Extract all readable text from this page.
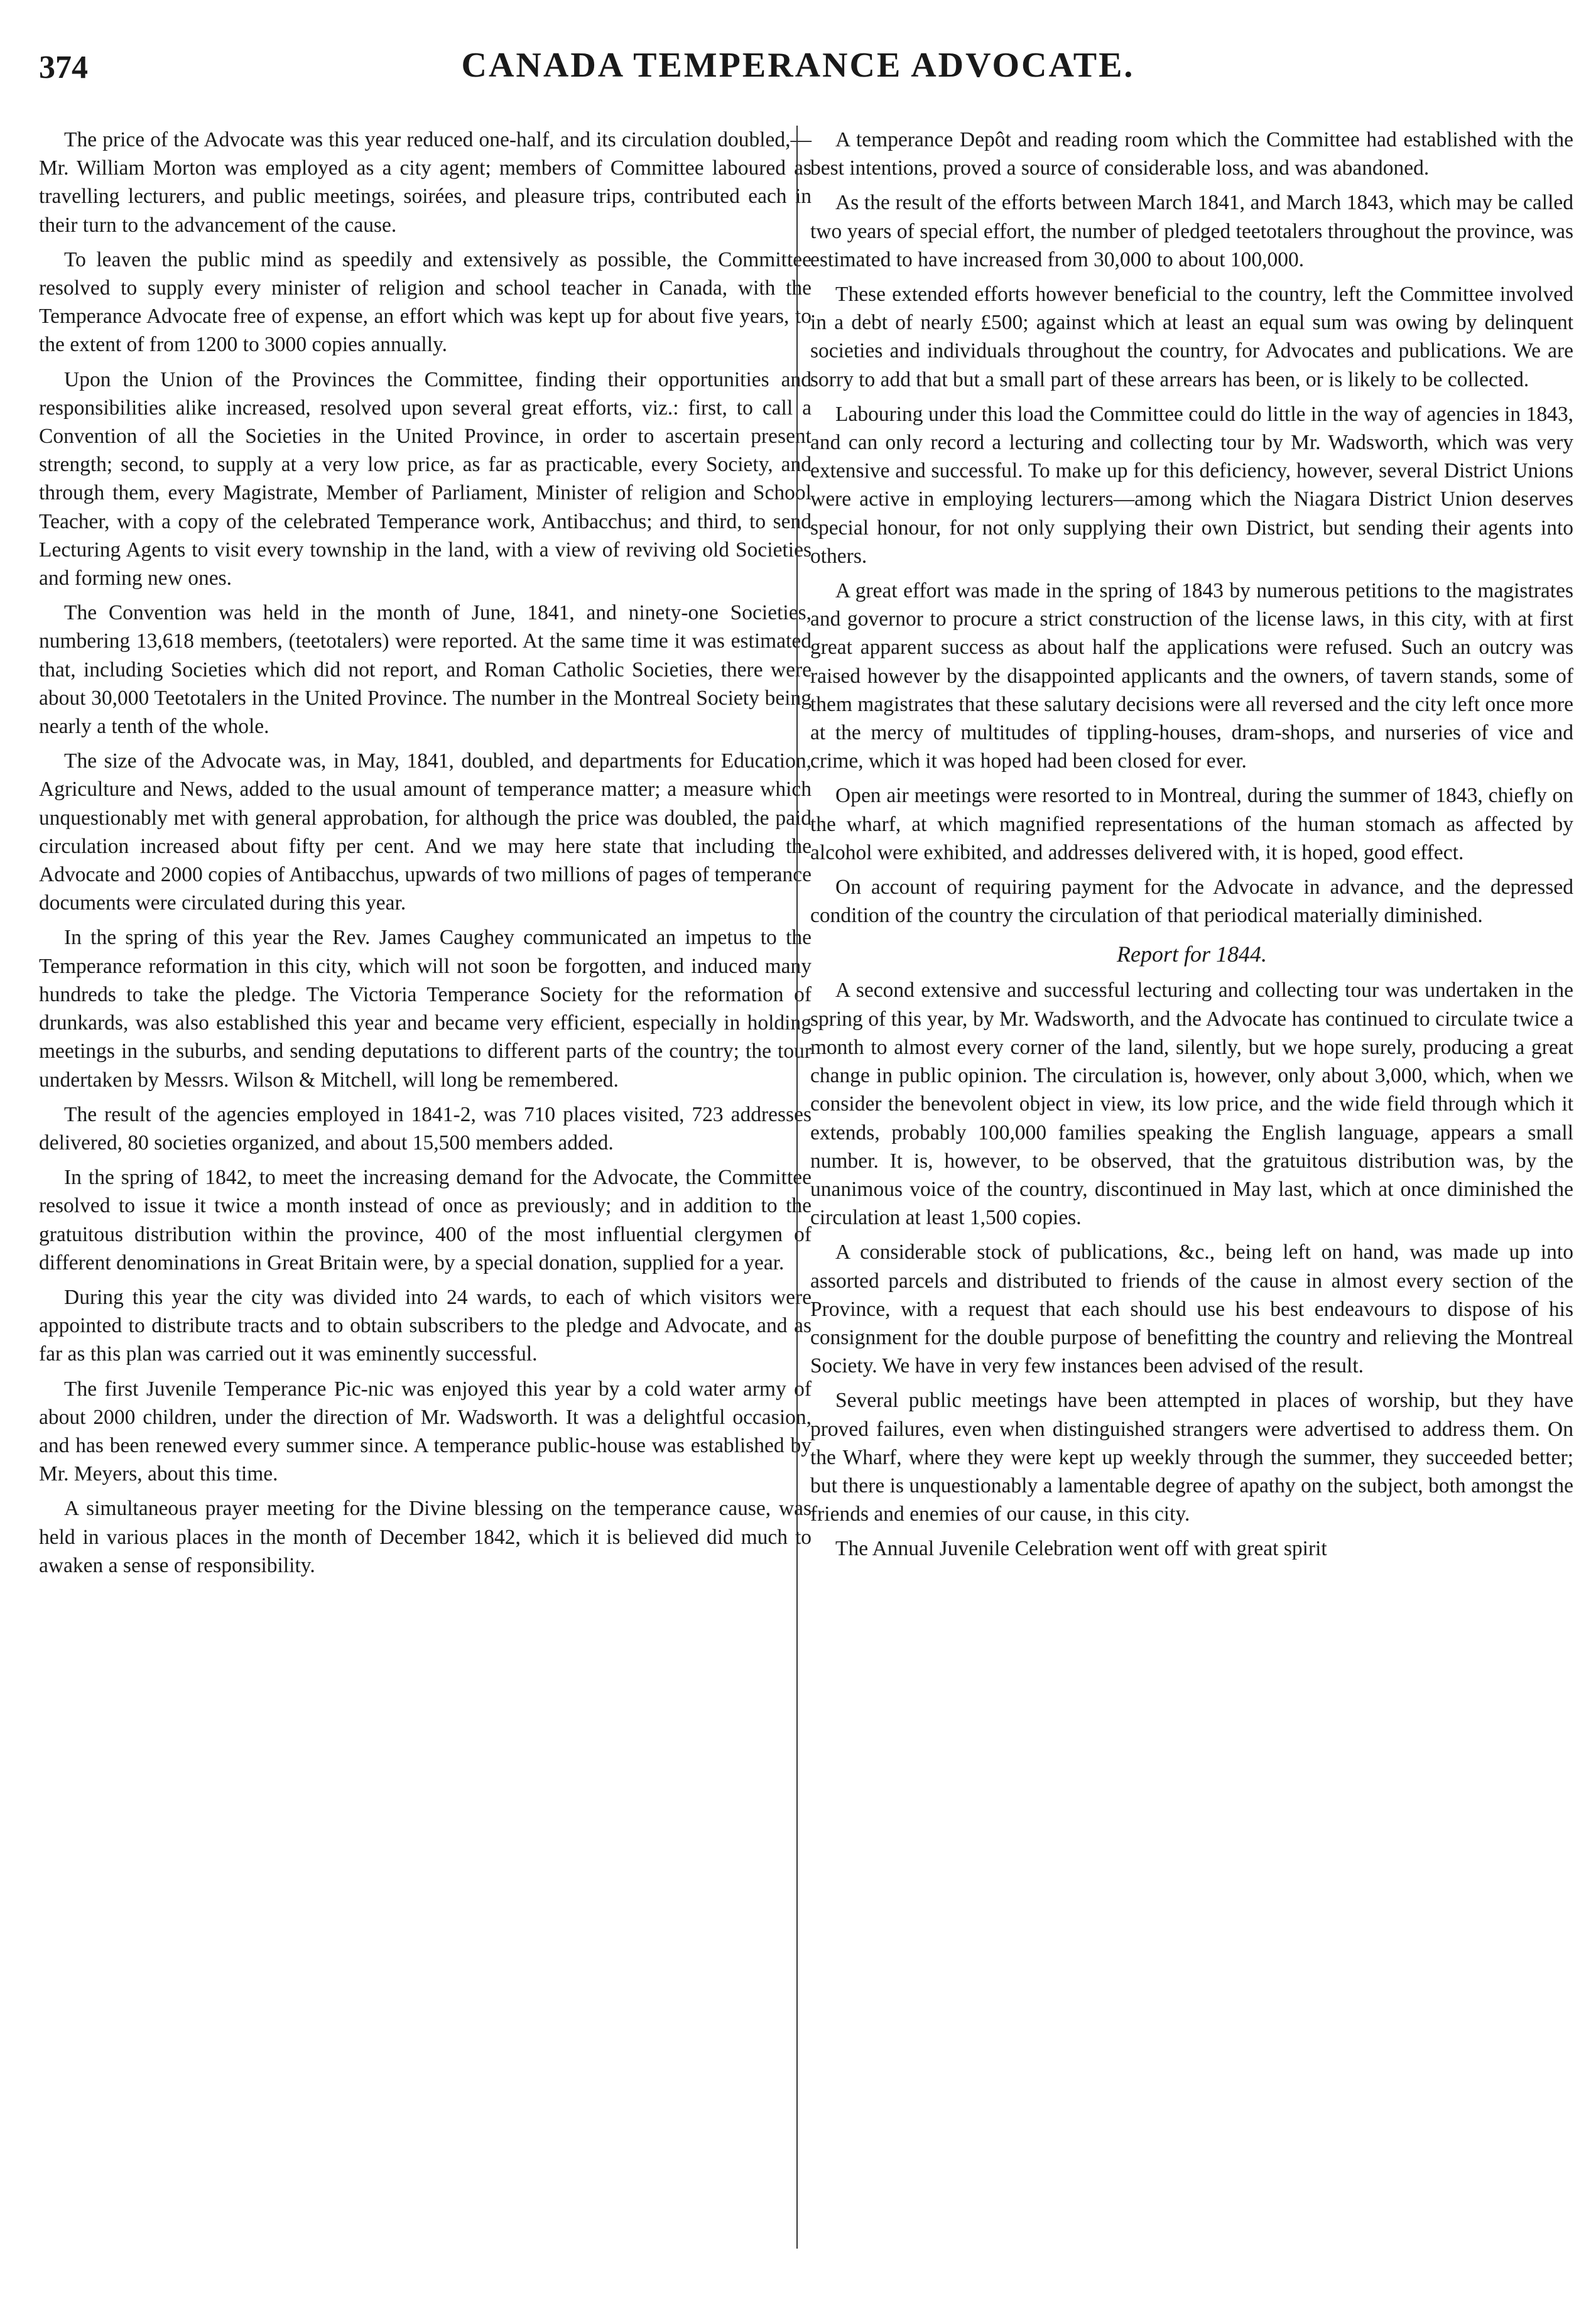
374	CANADA TEMPERANCE ADVOCATE.

The price of the Advocate was this year reduced one-half, and its circulation doubled,—Mr. William Morton was employed as a city agent; members of Committee laboured as travelling lecturers, and public meetings, soirées, and pleasure trips, contributed each in their turn to the advancement of the cause.

To leaven the public mind as speedily and extensively as possible, the Committee resolved to supply every minister of religion and school teacher in Canada, with the Temperance Advocate free of expense, an effort which was kept up for about five years, to the extent of from 1200 to 3000 copies annually.

Upon the Union of the Provinces the Committee, finding their opportunities and responsibilities alike increased, resolved upon several great efforts, viz.: first, to call a Convention of all the Societies in the United Province, in order to ascertain present strength; second, to supply at a very low price, as far as practicable, every Society, and through them, every Magistrate, Member of Parliament, Minister of religion and School Teacher, with a copy of the celebrated Temperance work, Antibacchus; and third, to send Lecturing Agents to visit every township in the land, with a view of reviving old Societies and forming new ones.

The Convention was held in the month of June, 1841, and ninety-one Societies, numbering 13,618 members, (teetotalers) were reported. At the same time it was estimated that, including Societies which did not report, and Roman Catholic Societies, there were about 30,000 Teetotalers in the United Province. The number in the Montreal Society being nearly a tenth of the whole.

The size of the Advocate was, in May, 1841, doubled, and departments for Education, Agriculture and News, added to the usual amount of temperance matter; a measure which unquestionably met with general approbation, for although the price was doubled, the paid circulation increased about fifty per cent. And we may here state that including the Advocate and 2000 copies of Antibacchus, upwards of two millions of pages of temperance documents were circulated during this year.

In the spring of this year the Rev. James Caughey communicated an impetus to the Temperance reformation in this city, which will not soon be forgotten, and induced many hundreds to take the pledge. The Victoria Temperance Society for the reformation of drunkards, was also established this year and became very efficient, especially in holding meetings in the suburbs, and sending deputations to different parts of the country; the tour undertaken by Messrs. Wilson & Mitchell, will long be remembered.

The result of the agencies employed in 1841-2, was 710 places visited, 723 addresses delivered, 80 societies organized, and about 15,500 members added.

In the spring of 1842, to meet the increasing demand for the Advocate, the Committee resolved to issue it twice a month instead of once as previously; and in addition to the gratuitous distribution within the province, 400 of the most influential clergymen of different denominations in Great Britain were, by a special donation, supplied for a year.

During this year the city was divided into 24 wards, to each of which visitors were appointed to distribute tracts and to obtain subscribers to the pledge and Advocate, and as far as this plan was carried out it was eminently successful.

The first Juvenile Temperance Pic-nic was enjoyed this year by a cold water army of about 2000 children, under the direction of Mr. Wadsworth. It was a delightful occasion, and has been renewed every summer since. A temperance public-house was established by Mr. Meyers, about this time.

A simultaneous prayer meeting for the Divine blessing on the temperance cause, was held in various places in the month of December 1842, which it is believed did much to awaken a sense of responsibility.

A temperance Depôt and reading room which the Committee had established with the best intentions, proved a source of considerable loss, and was abandoned.

As the result of the efforts between March 1841, and March 1843, which may be called two years of special effort, the number of pledged teetotalers throughout the province, was estimated to have increased from 30,000 to about 100,000.

These extended efforts however beneficial to the country, left the Committee involved in a debt of nearly £500; against which at least an equal sum was owing by delinquent societies and individuals throughout the country, for Advocates and publications. We are sorry to add that but a small part of these arrears has been, or is likely to be collected.

Labouring under this load the Committee could do little in the way of agencies in 1843, and can only record a lecturing and collecting tour by Mr. Wadsworth, which was very extensive and successful. To make up for this deficiency, however, several District Unions were active in employing lecturers—among which the Niagara District Union deserves special honour, for not only supplying their own District, but sending their agents into others.

A great effort was made in the spring of 1843 by numerous petitions to the magistrates and governor to procure a strict construction of the license laws, in this city, with at first great apparent success as about half the applications were refused. Such an outcry was raised however by the disappointed applicants and the owners, of tavern stands, some of them magistrates that these salutary decisions were all reversed and the city left once more at the mercy of multitudes of tippling-houses, dram-shops, and nurseries of vice and crime, which it was hoped had been closed for ever.

Open air meetings were resorted to in Montreal, during the summer of 1843, chiefly on the wharf, at which magnified representations of the human stomach as affected by alcohol were exhibited, and addresses delivered with, it is hoped, good effect.

On account of requiring payment for the Advocate in advance, and the depressed condition of the country the circulation of that periodical materially diminished.

Report for 1844.

A second extensive and successful lecturing and collecting tour was undertaken in the spring of this year, by Mr. Wadsworth, and the Advocate has continued to circulate twice a month to almost every corner of the land, silently, but we hope surely, producing a great change in public opinion. The circulation is, however, only about 3,000, which, when we consider the benevolent object in view, its low price, and the wide field through which it extends, probably 100,000 families speaking the English language, appears a small number. It is, however, to be observed, that the gratuitous distribution was, by the unanimous voice of the country, discontinued in May last, which at once diminished the circulation at least 1,500 copies.

A considerable stock of publications, &c., being left on hand, was made up into assorted parcels and distributed to friends of the cause in almost every section of the Province, with a request that each should use his best endeavours to dispose of his consignment for the double purpose of benefitting the country and relieving the Montreal Society. We have in very few instances been advised of the result.

Several public meetings have been attempted in places of worship, but they have proved failures, even when distinguished strangers were advertised to address them. On the Wharf, where they were kept up weekly through the summer, they succeeded better; but there is unquestionably a lamentable degree of apathy on the subject, both amongst the friends and enemies of our cause, in this city.

The Annual Juvenile Celebration went off with great spirit
